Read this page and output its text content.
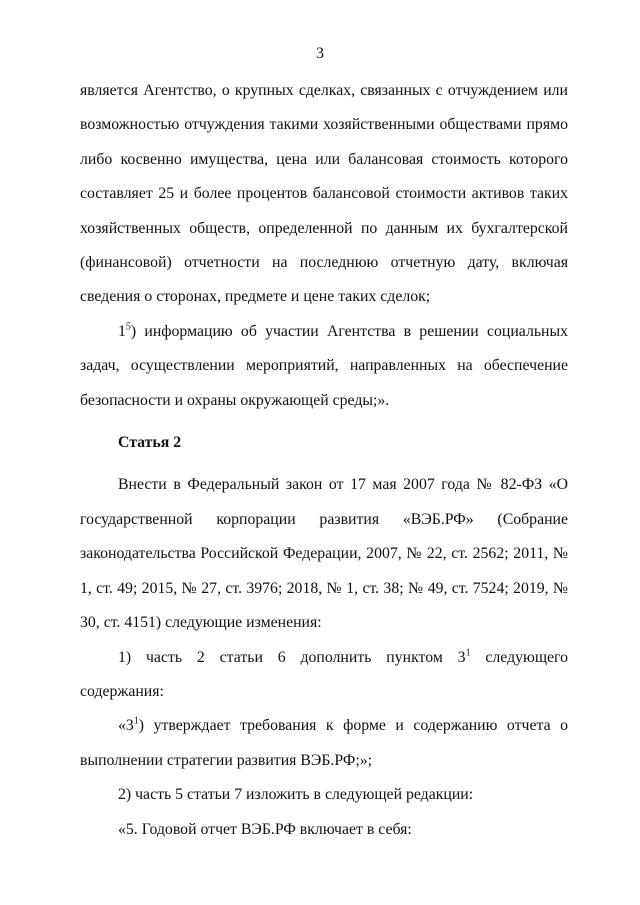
3

является Агентство, о крупных сделках, связанных с отчуждением или возможностью отчуждения такими хозяйственными обществами прямо либо косвенно имущества, цена или балансовая стоимость которого составляет 25 и более процентов балансовой стоимости активов таких хозяйственных обществ, определенной по данным их бухгалтерской (финансовой) отчетности на последнюю отчетную дату, включая сведения о сторонах, предмете и цене таких сделок;

$1^5$) информацию об участии Агентства в решении социальных задач, осуществлении мероприятий, направленных на обеспечение безопасности и охраны окружающей среды;».

Статья 2

Внести в Федеральный закон от 17 мая 2007 года № 82-ФЗ «О государственной корпорации развития «ВЭБ.РФ» (Собрание законодательства Российской Федерации, 2007, № 22, ст. 2562; 2011, № 1, ст. 49; 2015, № 27, ст. 3976; 2018, № 1, ст. 38; № 49, ст. 7524; 2019, № 30, ст. 4151) следующие изменения:

1) часть 2 статьи 6 дополнить пунктом $3^1$ следующего содержания:

«$3^1$) утверждает требования к форме и содержанию отчета о выполнении стратегии развития ВЭБ.РФ;»;

2) часть 5 статьи 7 изложить в следующей редакции:

«5. Годовой отчет ВЭБ.РФ включает в себя:
